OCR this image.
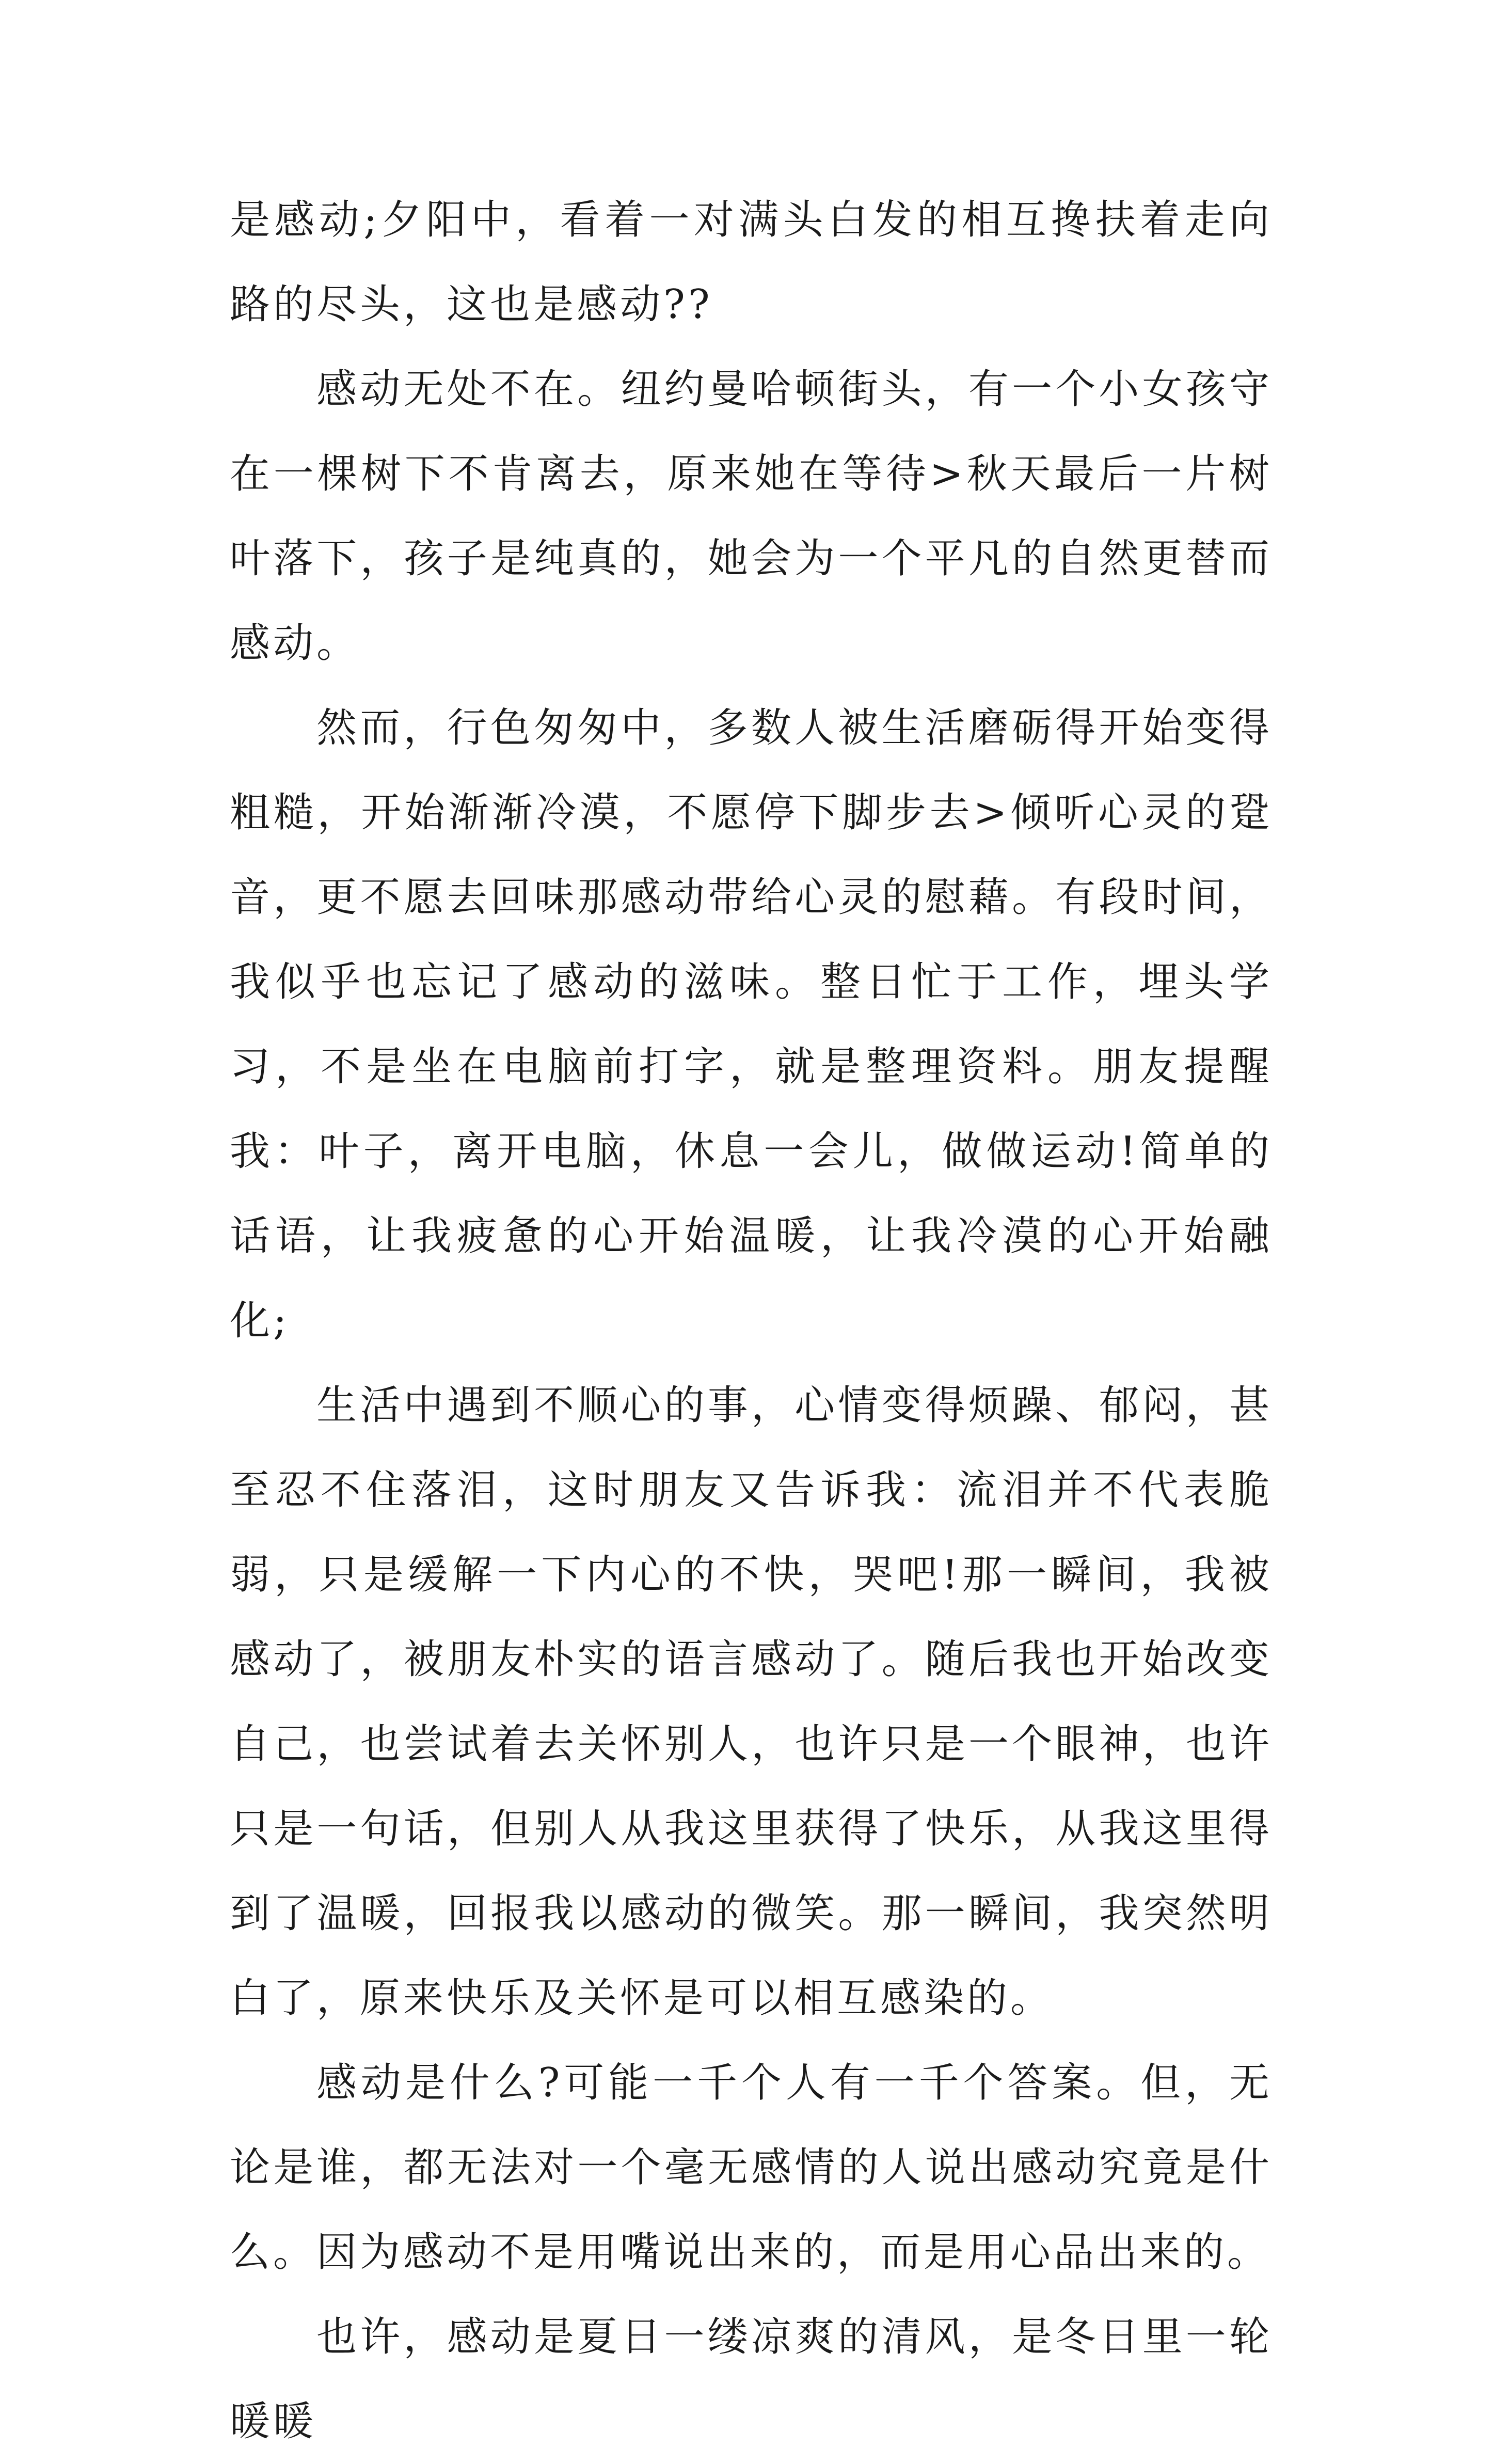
是感动;夕阳中，看着一对满头白发的相互搀扶着走向路的尽头，这也是感动??

感动无处不在。纽约曼哈顿街头，有一个小女孩守在一棵树下不肯离去，原来她在等待>秋天最后一片树叶落下，孩子是纯真的，她会为一个平凡的自然更替而感动。

然而，行色匆匆中，多数人被生活磨砺得开始变得粗糙，开始渐渐冷漠，不愿停下脚步去>倾听心灵的跫音，更不愿去回味那感动带给心灵的慰藉。有段时间，我似乎也忘记了感动的滋味。整日忙于工作，埋头学习，不是坐在电脑前打字，就是整理资料。朋友提醒我：叶子，离开电脑，休息一会儿，做做运动!简单的话语，让我疲惫的心开始温暖，让我冷漠的心开始融化;

生活中遇到不顺心的事，心情变得烦躁、郁闷，甚至忍不住落泪，这时朋友又告诉我：流泪并不代表脆弱，只是缓解一下内心的不快，哭吧!那一瞬间，我被感动了，被朋友朴实的语言感动了。随后我也开始改变自己，也尝试着去关怀别人，也许只是一个眼神，也许只是一句话，但别人从我这里获得了快乐，从我这里得到了温暖，回报我以感动的微笑。那一瞬间，我突然明白了，原来快乐及关怀是可以相互感染的。

感动是什么?可能一千个人有一千个答案。但，无论是谁，都无法对一个毫无感情的人说出感动究竟是什么。因为感动不是用嘴说出来的，而是用心品出来的。

也许，感动是夏日一缕凉爽的清风，是冬日里一轮暖暖
